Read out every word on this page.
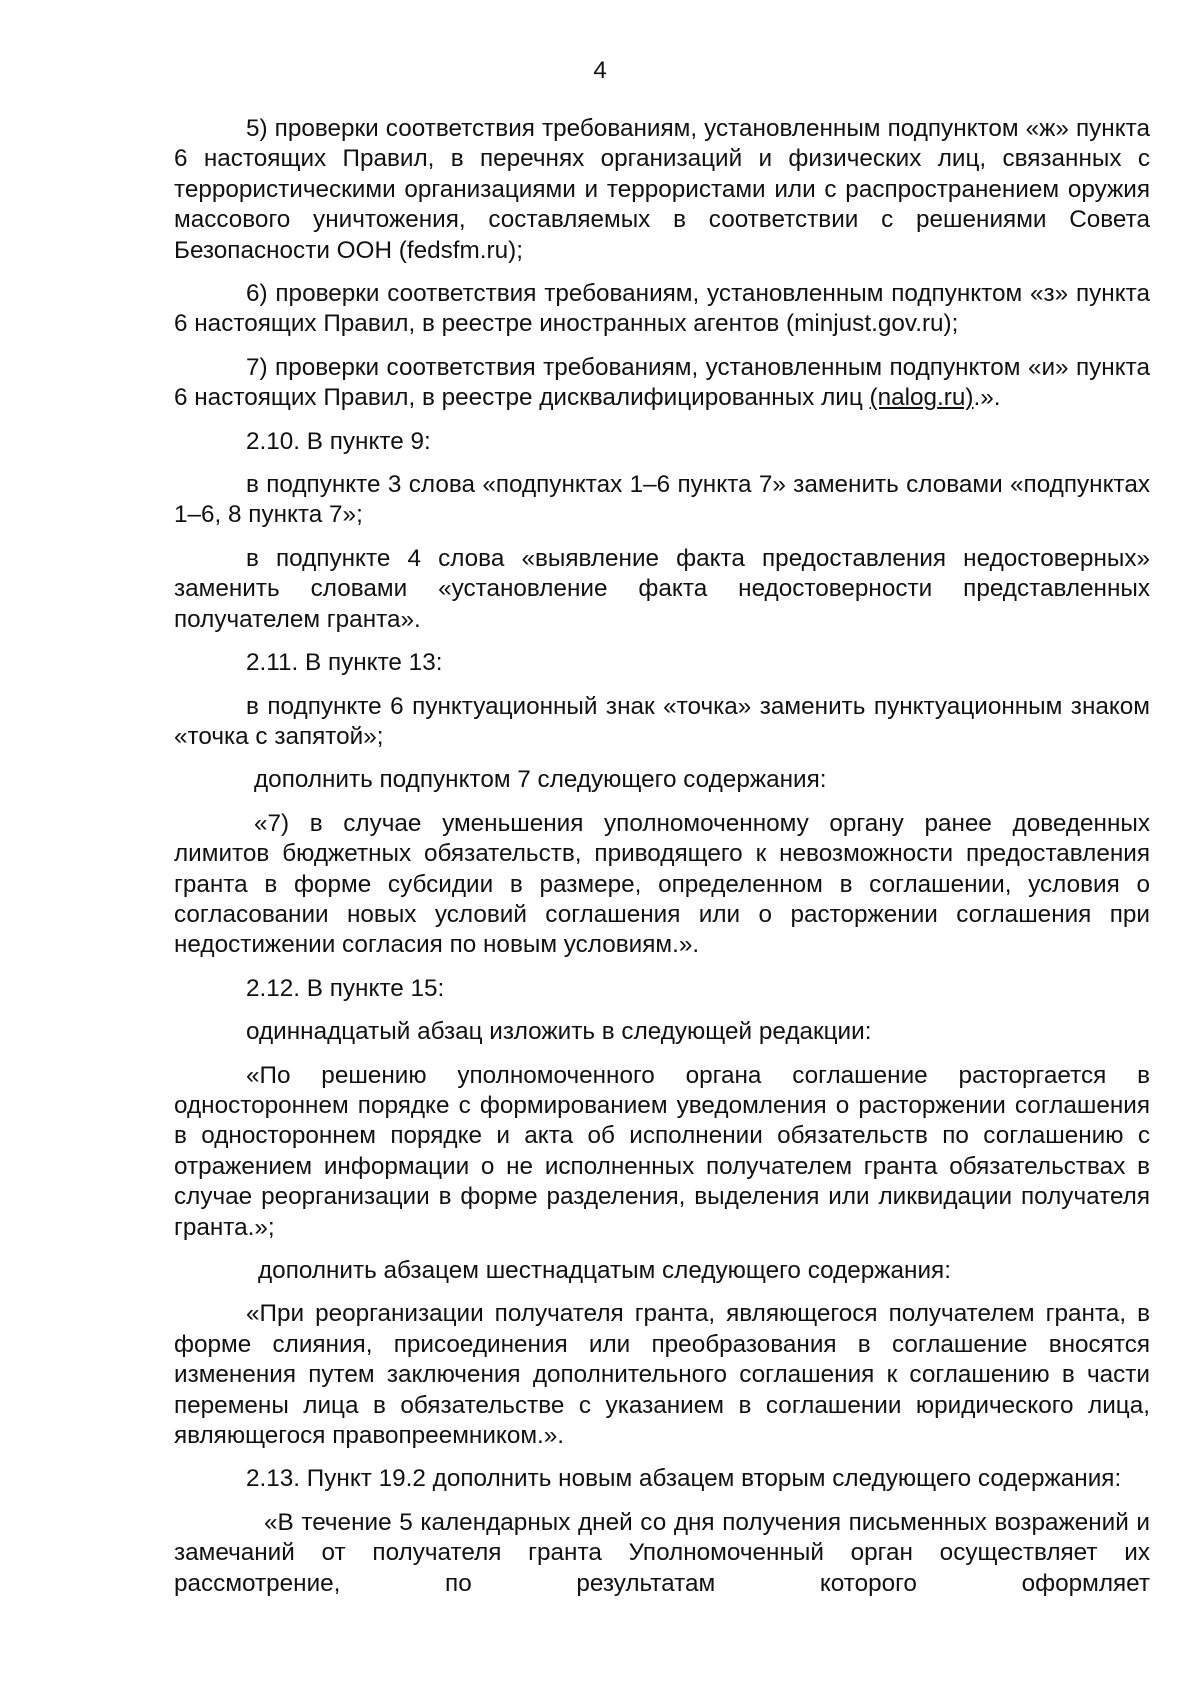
4

5) проверки соответствия требованиям, установленным подпунктом «ж» пункта 6 настоящих Правил, в перечнях организаций и физических лиц, связанных с террористическими организациями и террористами или с распространением оружия массового уничтожения, составляемых в соответствии с решениями Совета Безопасности ООН (fedsfm.ru);

6) проверки соответствия требованиям, установленным подпунктом «з» пункта 6 настоящих Правил, в реестре иностранных агентов (minjust.gov.ru);

7) проверки соответствия требованиям, установленным подпунктом «и» пункта 6 настоящих Правил, в реестре дисквалифицированных лиц (nalog.ru).».

2.10. В пункте 9:

в подпункте 3 слова «подпунктах 1–6 пункта 7» заменить словами «подпунктах 1–6, 8 пункта 7»;

в подпункте 4 слова «выявление факта предоставления недостоверных» заменить словами «установление факта недостоверности представленных получателем гранта».

2.11. В пункте 13:

в подпункте 6 пунктуационный знак «точка» заменить пунктуационным знаком «точка с запятой»;

дополнить подпунктом 7 следующего содержания:

«7) в случае уменьшения уполномоченному органу ранее доведенных лимитов бюджетных обязательств, приводящего к невозможности предоставления гранта в форме субсидии в размере, определенном в соглашении, условия о согласовании новых условий соглашения или о расторжении соглашения при недостижении согласия по новым условиям.».

2.12. В пункте 15:

одиннадцатый абзац изложить в следующей редакции:

«По решению уполномоченного органа соглашение расторгается в одностороннем порядке с формированием уведомления о расторжении соглашения в одностороннем порядке и акта об исполнении обязательств по соглашению с отражением информации о не исполненных получателем гранта обязательствах в случае реорганизации в форме разделения, выделения или ликвидации получателя гранта.»;

дополнить абзацем шестнадцатым следующего содержания:

«При реорганизации получателя гранта, являющегося получателем гранта, в форме слияния, присоединения или преобразования в соглашение вносятся изменения путем заключения дополнительного соглашения к соглашению в части перемены лица в обязательстве с указанием в соглашении юридического лица, являющегося правопреемником.».

2.13. Пункт 19.2 дополнить новым абзацем вторым следующего содержания:

«В течение 5 календарных дней со дня получения письменных возражений и замечаний от получателя гранта Уполномоченный орган осуществляет их рассмотрение, по результатам которого оформляет
